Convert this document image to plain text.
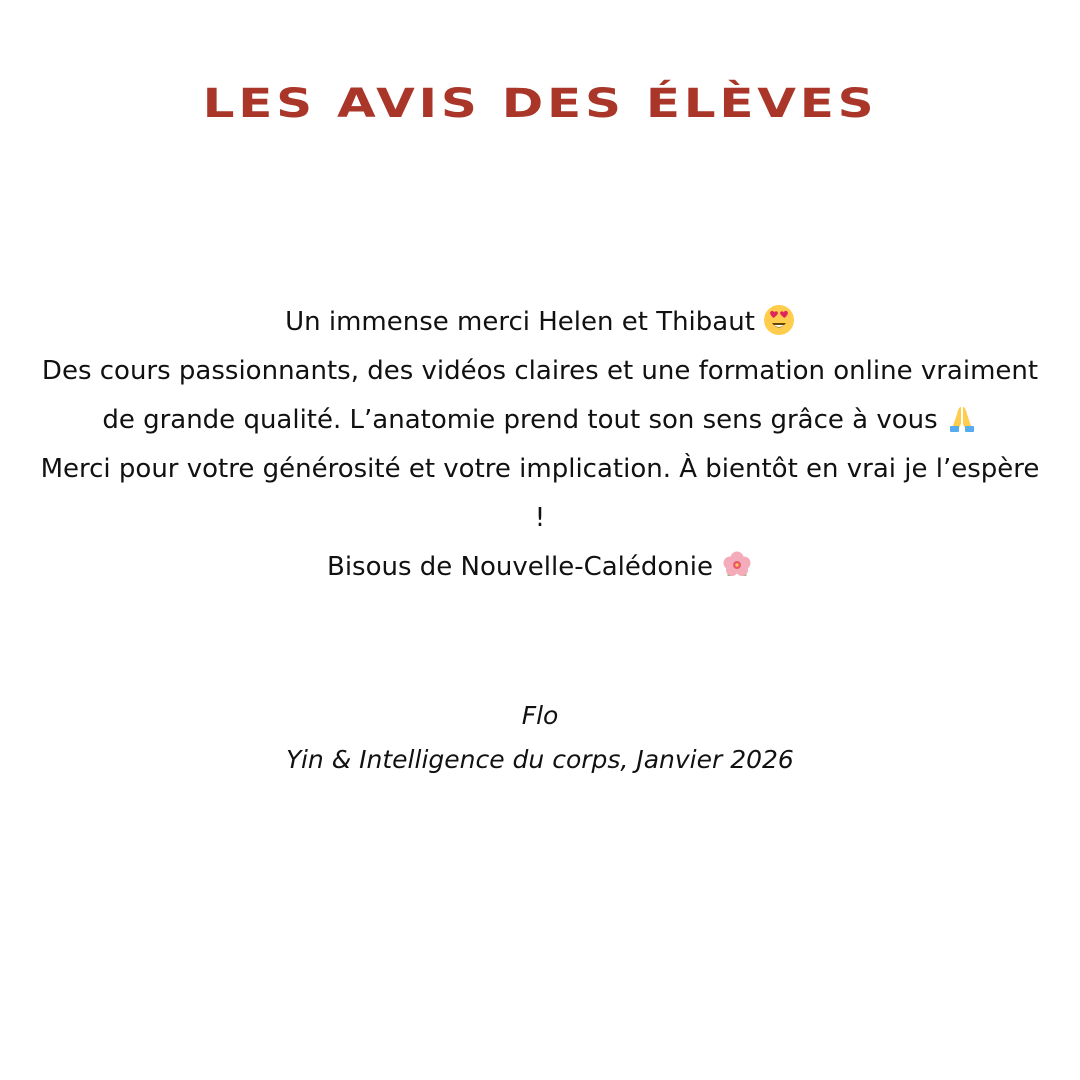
LES AVIS DES ÉLÈVES

Un immense merci Helen et Thibaut

Des cours passionnants, des vidéos claires et une formation online vraiment de grande qualité. L’anatomie prend tout son sens grâce à vous

Merci pour votre générosité et votre implication. À bientôt en vrai je l’espère !

Bisous de Nouvelle-Calédonie

Flo

Yin & Intelligence du corps, Janvier 2026
